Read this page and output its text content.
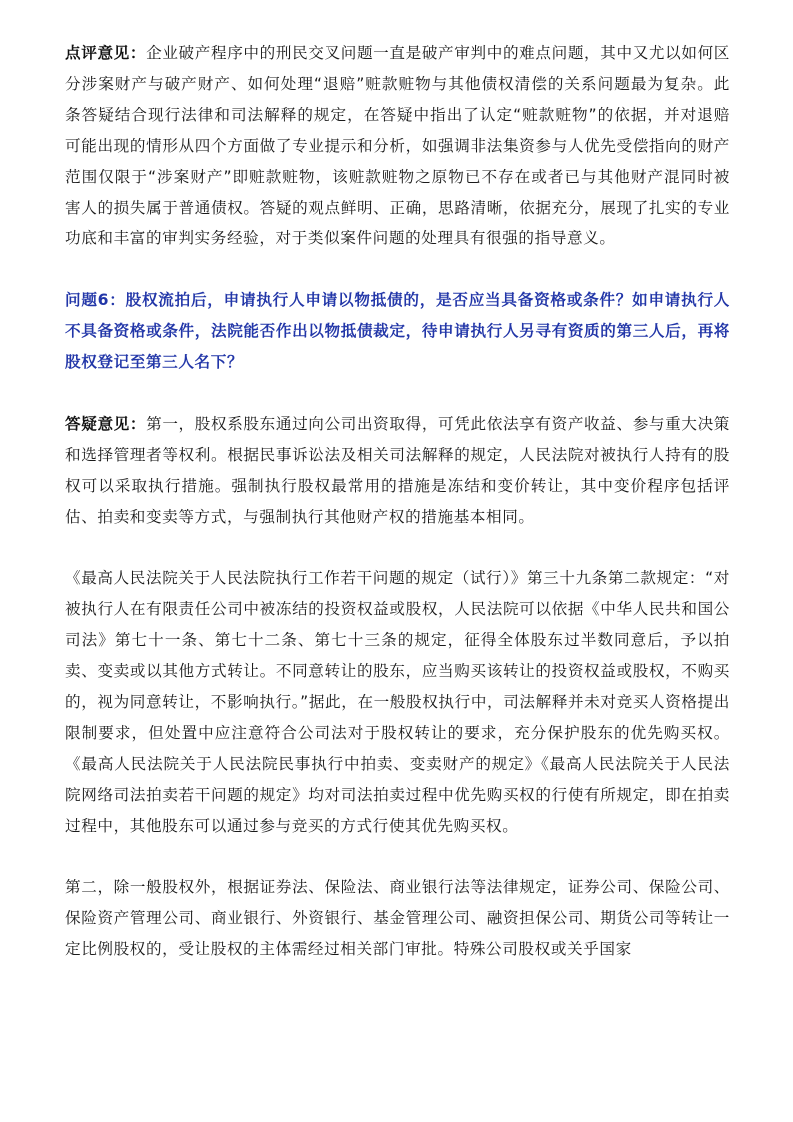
点评意见：企业破产程序中的刑民交叉问题一直是破产审判中的难点问题，其中又尤以如何区分涉案财产与破产财产、如何处理“退赔”赃款赃物与其他债权清偿的关系问题最为复杂。此条答疑结合现行法律和司法解释的规定，在答疑中指出了认定“赃款赃物”的依据，并对退赔可能出现的情形从四个方面做了专业提示和分析，如强调非法集资参与人优先受偿指向的财产范围仅限于“涉案财产”即赃款赃物，该赃款赃物之原物已不存在或者已与其他财产混同时被害人的损失属于普通债权。答疑的观点鲜明、正确，思路清晰，依据充分，展现了扎实的专业功底和丰富的审判实务经验，对于类似案件问题的处理具有很强的指导意义。

问题6：股权流拍后，申请执行人申请以物抵债的，是否应当具备资格或条件？如申请执行人不具备资格或条件，法院能否作出以物抵债裁定，待申请执行人另寻有资质的第三人后，再将股权登记至第三人名下？

答疑意见：第一，股权系股东通过向公司出资取得，可凭此依法享有资产收益、参与重大决策和选择管理者等权利。根据民事诉讼法及相关司法解释的规定，人民法院对被执行人持有的股权可以采取执行措施。强制执行股权最常用的措施是冻结和变价转让，其中变价程序包括评估、拍卖和变卖等方式，与强制执行其他财产权的措施基本相同。

《最高人民法院关于人民法院执行工作若干问题的规定（试行）》第三十九条第二款规定：“对被执行人在有限责任公司中被冻结的投资权益或股权，人民法院可以依据《中华人民共和国公司法》第七十一条、第七十二条、第七十三条的规定，征得全体股东过半数同意后，予以拍卖、变卖或以其他方式转让。不同意转让的股东，应当购买该转让的投资权益或股权，不购买的，视为同意转让，不影响执行。”据此，在一般股权执行中，司法解释并未对竞买人资格提出限制要求，但处置中应注意符合公司法对于股权转让的要求，充分保护股东的优先购买权。《最高人民法院关于人民法院民事执行中拍卖、变卖财产的规定》《最高人民法院关于人民法院网络司法拍卖若干问题的规定》均对司法拍卖过程中优先购买权的行使有所规定，即在拍卖过程中，其他股东可以通过参与竞买的方式行使其优先购买权。

第二，除一般股权外，根据证券法、保险法、商业银行法等法律规定，证券公司、保险公司、保险资产管理公司、商业银行、外资银行、基金管理公司、融资担保公司、期货公司等转让一定比例股权的，受让股权的主体需经过相关部门审批。特殊公司股权或关乎国家
